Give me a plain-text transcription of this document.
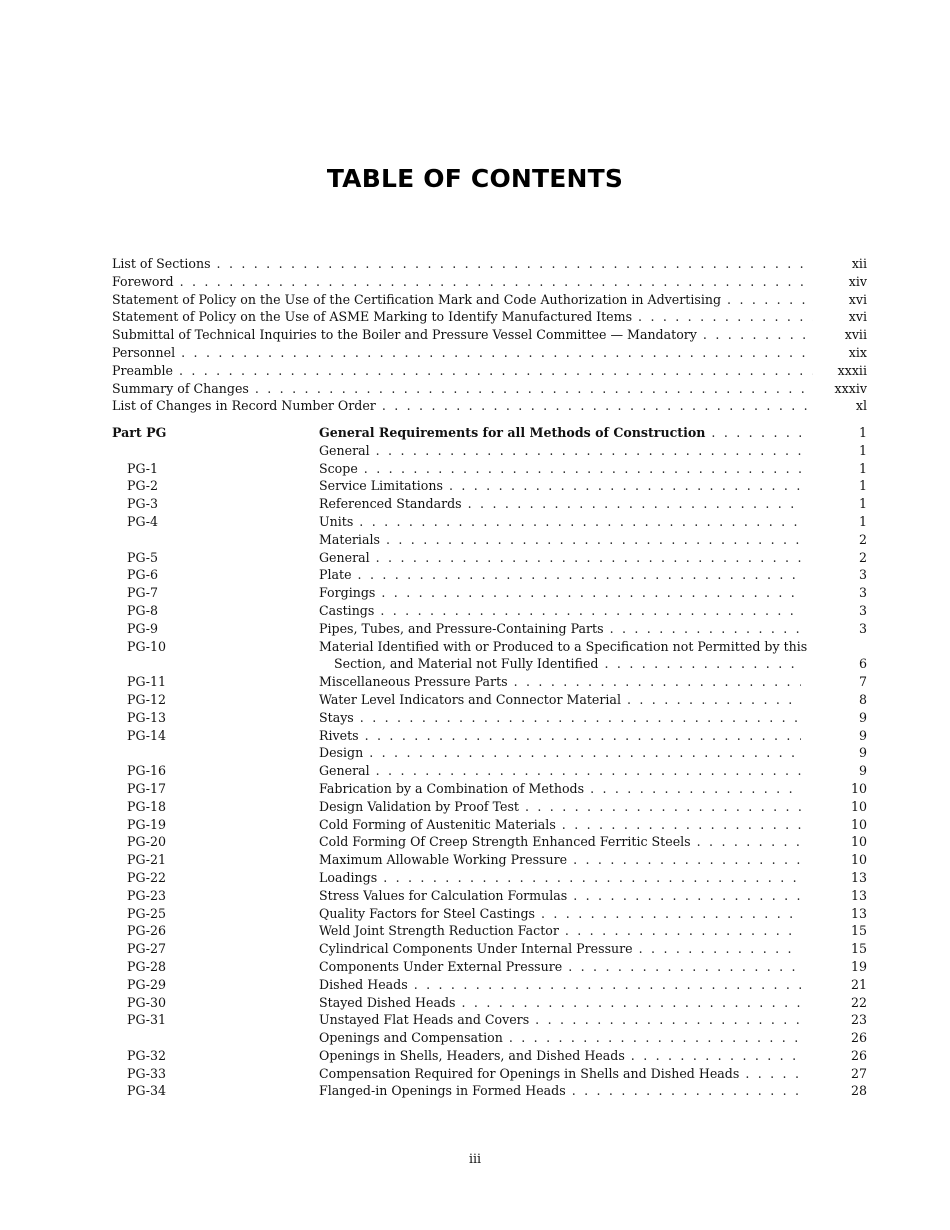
TABLE OF CONTENTS
List of Sections . . .	xii
Foreword . . .	xiv
Statement of Policy on the Use of the Certification Mark and Code Authorization in Advertising . . .	xvi
Statement of Policy on the Use of ASME Marking to Identify Manufactured Items . . .	xvi
Submittal of Technical Inquiries to the Boiler and Pressure Vessel Committee — Mandatory . . .	xvii
Personnel . . .	xix
Preamble . . .	xxxii
Summary of Changes . . .	xxxiv
List of Changes in Record Number Order . . .	xl
Part PG	General Requirements for all Methods of Construction . . .	1
General . . .	1
PG-1	Scope . . .	1
PG-2	Service Limitations . . .	1
PG-3	Referenced Standards . . .	1
PG-4	Units . . .	1
Materials . . .	2
PG-5	General . . .	2
PG-6	Plate . . .	3
PG-7	Forgings . . .	3
PG-8	Castings . . .	3
PG-9	Pipes, Tubes, and Pressure-Containing Parts . . .	3
PG-10	Material Identified with or Produced to a Specification not Permitted by this
Section, and Material not Fully Identified . . .	6
PG-11	Miscellaneous Pressure Parts . . .	7
PG-12	Water Level Indicators and Connector Material . . .	8
PG-13	Stays . . .	9
PG-14	Rivets . . .	9
Design . . .	9
PG-16	General . . .	9
PG-17	Fabrication by a Combination of Methods . . .	10
PG-18	Design Validation by Proof Test . . .	10
PG-19	Cold Forming of Austenitic Materials . . .	10
PG-20	Cold Forming Of Creep Strength Enhanced Ferritic Steels . . .	10
PG-21	Maximum Allowable Working Pressure . . .	10
PG-22	Loadings . . .	13
PG-23	Stress Values for Calculation Formulas . . .	13
PG-25	Quality Factors for Steel Castings . . .	13
PG-26	Weld Joint Strength Reduction Factor . . .	15
PG-27	Cylindrical Components Under Internal Pressure . . .	15
PG-28	Components Under External Pressure . . .	19
PG-29	Dished Heads . . .	21
PG-30	Stayed Dished Heads . . .	22
PG-31	Unstayed Flat Heads and Covers . . .	23
Openings and Compensation . . .	26
PG-32	Openings in Shells, Headers, and Dished Heads . . .	26
PG-33	Compensation Required for Openings in Shells and Dished Heads . . .	27
PG-34	Flanged-in Openings in Formed Heads . . .	28
iii
